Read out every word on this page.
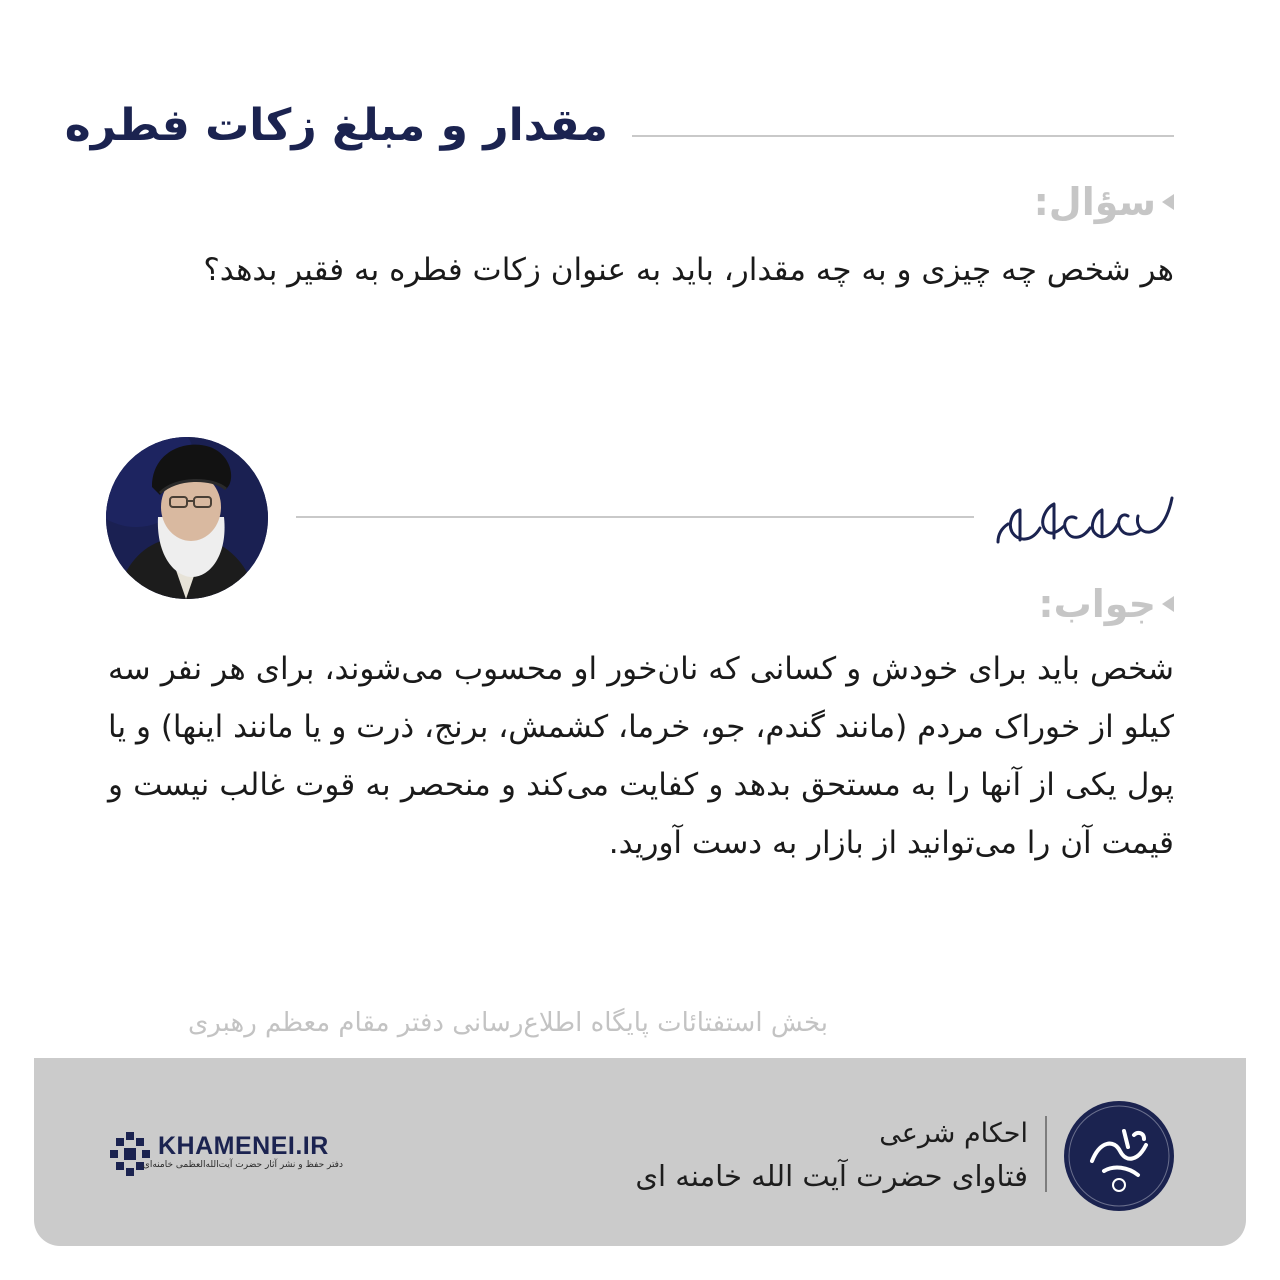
مقدار و مبلغ زکات فطره
سؤال:
هر شخص چه چیزی و به چه مقدار، باید به عنوان زکات فطره به فقیر بدهد؟
جواب:
شخص باید برای خودش و کسانی که نان‌خور او محسوب می‌شوند، برای هر نفر سه کیلو از خوراک مردم (مانند گندم، جو، خرما، کشمش، برنج، ذرت و یا مانند اینها) و یا پول یکی از آنها را به مستحق بدهد و کفایت می‌کند و منحصر به قوت غالب نیست و قیمت آن را می‌توانید از بازار به دست آورید.
بخش استفتائات پایگاه اطلاع‌رسانی دفتر مقام معظم رهبری
احکام شرعی
فتاوای حضرت آیت الله خامنه ای
KHAMENEI.IR
دفتر حفظ و نشر آثار حضرت آیت‌الله‌العظمی خامنه‌ای
